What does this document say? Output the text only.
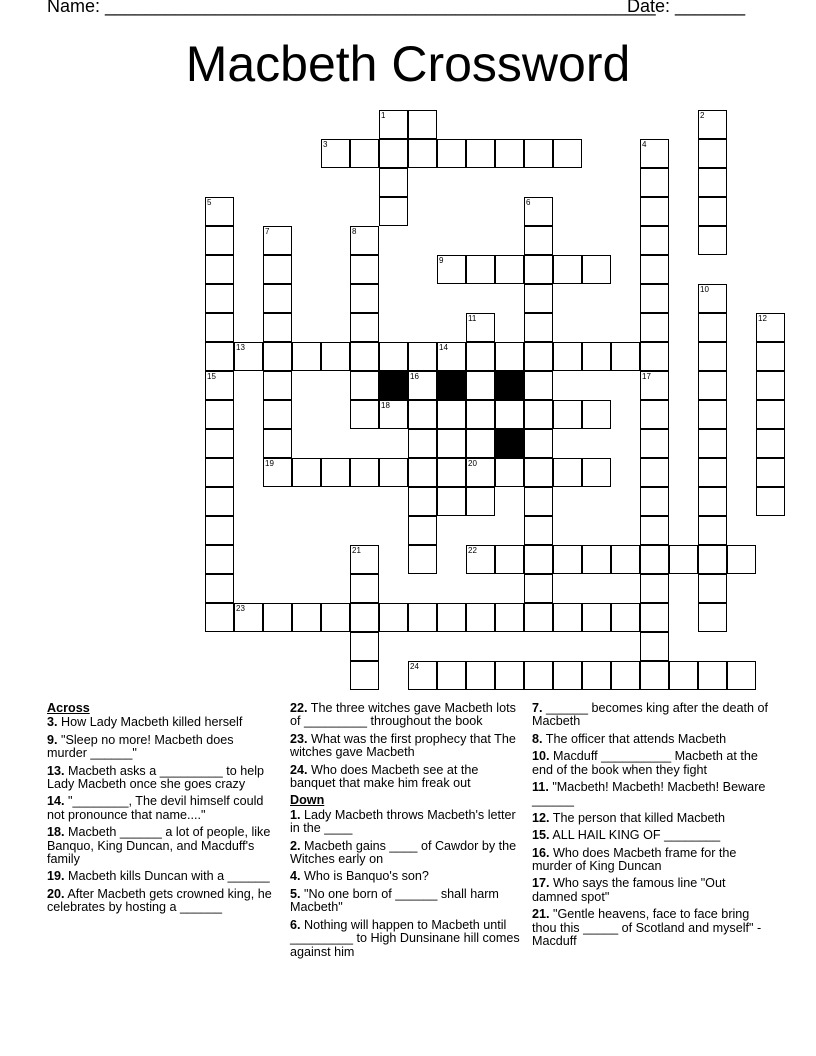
Name: _______________________________________________________
Date: _______
Macbeth Crossword
1	2
3	4
6
5
7	8
9
10
11	12
13	14
15	16	17
18
19	20
21	22
23
24
Across
3. How Lady Macbeth killed herself
9. "Sleep no more! Macbeth does murder ______"
13. Macbeth asks a _________ to help Lady Macbeth once she goes crazy
14. "________, The devil himself could not pronounce that name...."
18. Macbeth ______ a lot of people, like Banquo, King Duncan, and Macduff's family
19. Macbeth kills Duncan with a ______
20. After Macbeth gets crowned king, he celebrates by hosting a ______
22. The three witches gave Macbeth lots of _________ throughout the book
23. What was the first prophecy that The witches gave Macbeth
24. Who does Macbeth see at the banquet that make him freak out
Down
1. Lady Macbeth throws Macbeth's letter in the ____
2. Macbeth gains ____ of Cawdor by the Witches early on
4. Who is Banquo's son?
5. "No one born of ______ shall harm Macbeth"
6. Nothing will happen to Macbeth until _________ to High Dunsinane hill comes against him
7. ______ becomes king after the death of Macbeth
8. The officer that attends Macbeth
10. Macduff __________ Macbeth at the end of the book when they fight
11. "Macbeth! Macbeth! Macbeth! Beware ______
12. The person that killed Macbeth
15. ALL HAIL KING OF ________
16. Who does Macbeth frame for the murder of King Duncan
17. Who says the famous line "Out damned spot"
21. "Gentle heavens, face to face bring thou this _____ of Scotland and myself" - Macduff
